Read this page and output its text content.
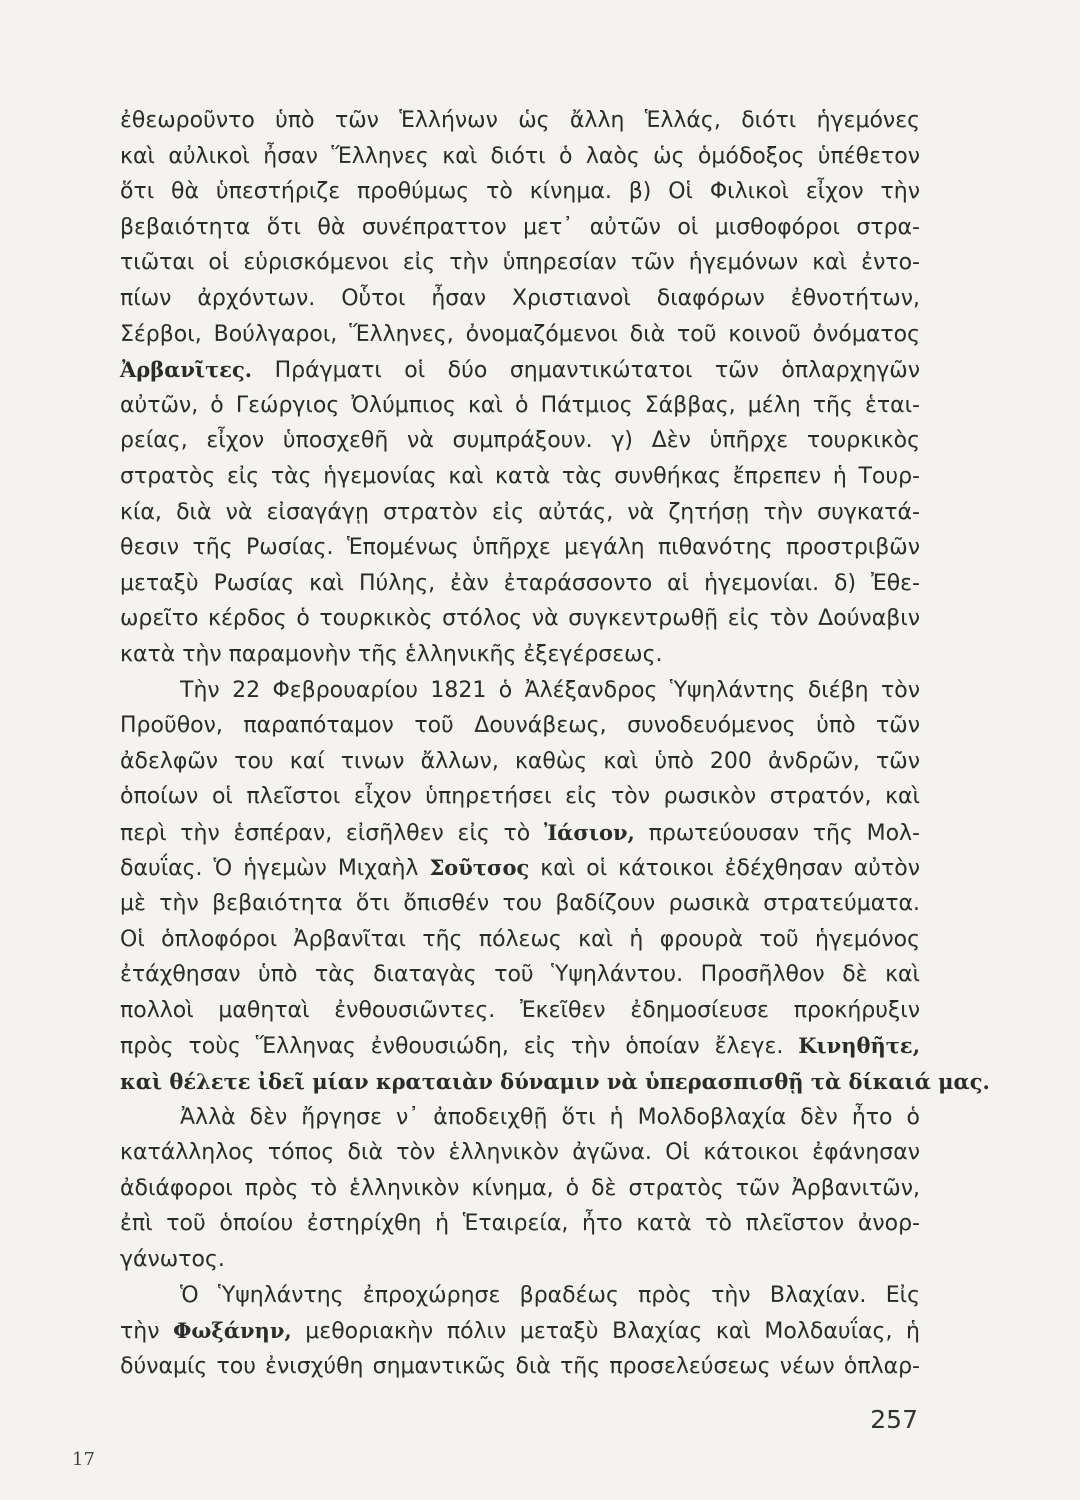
ἐθεωροῦντο ὑπὸ τῶν Ἑλλήνων ὡς ἄλλη Ἑλλάς, διότι ἡγεμόνες
καὶ αὐλικοὶ ἦσαν Ἕλληνες καὶ διότι ὁ λαὸς ὡς ὁμόδοξος ὑπέθετον
ὅτι θὰ ὑπεστήριζε προθύμως τὸ κίνημα. β) Οἱ Φιλικοὶ εἶχον τὴν
βεβαιότητα ὅτι θὰ συνέπραττον μετ᾽ αὐτῶν οἱ μισθοφόροι στρα-
τιῶται οἱ εὑρισκόμενοι εἰς τὴν ὑπηρεσίαν τῶν ἡγεμόνων καὶ ἐντο-
πίων ἀρχόντων. Οὗτοι ἦσαν Χριστιανοὶ διαφόρων ἐθνοτήτων,
Σέρβοι, Βούλγαροι, Ἕλληνες, ὀνομαζόμενοι διὰ τοῦ κοινοῦ ὀνόματος
Ἀρβανῖτες. Πράγματι οἱ δύο σημαντικώτατοι τῶν ὁπλαρχηγῶν
αὐτῶν, ὁ Γεώργιος Ὀλύμπιος καὶ ὁ Πάτμιος Σάββας, μέλη τῆς ἑται-
ρείας, εἶχον ὑποσχεθῆ νὰ συμπράξουν. γ) Δὲν ὑπῆρχε τουρκικὸς
στρατὸς εἰς τὰς ἡγεμονίας καὶ κατὰ τὰς συνθήκας ἔπρεπεν ἡ Τουρ-
κία, διὰ νὰ εἰσαγάγῃ στρατὸν εἰς αὐτάς, νὰ ζητήσῃ τὴν συγκατά-
θεσιν τῆς Ρωσίας. Ἑπομένως ὑπῆρχε μεγάλη πιθανότης προστριβῶν
μεταξὺ Ρωσίας καὶ Πύλης, ἐὰν ἐταράσσοντο αἱ ἡγεμονίαι. δ) Ἐθε-
ωρεῖτο κέρδος ὁ τουρκικὸς στόλος νὰ συγκεντρωθῇ εἰς τὸν Δούναβιν
κατὰ τὴν παραμονὴν τῆς ἑλληνικῆς ἐξεγέρσεως.
Τὴν 22 Φεβρουαρίου 1821 ὁ Ἀλέξανδρος Ὑψηλάντης διέβη τὸν
Προῦθον, παραπόταμον τοῦ Δουνάβεως, συνοδευόμενος ὑπὸ τῶν
ἀδελφῶν του καί τινων ἄλλων, καθὼς καὶ ὑπὸ 200 ἀνδρῶν, τῶν
ὁποίων οἱ πλεῖστοι εἶχον ὑπηρετήσει εἰς τὸν ρωσικὸν στρατόν, καὶ
περὶ τὴν ἑσπέραν, εἰσῆλθεν εἰς τὸ Ἰάσιον, πρωτεύουσαν τῆς Μολ-
δαυΐας. Ὁ ἡγεμὼν Μιχαὴλ Σοῦτσος καὶ οἱ κάτοικοι ἐδέχθησαν αὐτὸν
μὲ τὴν βεβαιότητα ὅτι ὄπισθέν του βαδίζουν ρωσικὰ στρατεύματα.
Οἱ ὁπλοφόροι Ἀρβανῖται τῆς πόλεως καὶ ἡ φρουρὰ τοῦ ἡγεμόνος
ἐτάχθησαν ὑπὸ τὰς διαταγὰς τοῦ Ὑψηλάντου. Προσῆλθον δὲ καὶ
πολλοὶ μαθηταὶ ἐνθουσιῶντες. Ἐκεῖθεν ἐδημοσίευσε προκήρυξιν
πρὸς τοὺς Ἕλληνας ἐνθουσιώδη, εἰς τὴν ὁποίαν ἔλεγε. Κινηθῆτε,
καὶ θέλετε ἰδεῖ μίαν κραταιὰν δύναμιν νὰ ὑπερασπισθῇ τὰ δίκαιά μας.
Ἀλλὰ δὲν ἤργησε ν᾽ ἀποδειχθῇ ὅτι ἡ Μολδοβλαχία δὲν ἦτο ὁ
κατάλληλος τόπος διὰ τὸν ἑλληνικὸν ἀγῶνα. Οἱ κάτοικοι ἐφάνησαν
ἀδιάφοροι πρὸς τὸ ἑλληνικὸν κίνημα, ὁ δὲ στρατὸς τῶν Ἀρβανιτῶν,
ἐπὶ τοῦ ὁποίου ἐστηρίχθη ἡ Ἑταιρεία, ἦτο κατὰ τὸ πλεῖστον ἀνορ-
γάνωτος.
Ὁ Ὑψηλάντης ἐπροχώρησε βραδέως πρὸς τὴν Βλαχίαν. Εἰς
τὴν Φωξάνην, μεθοριακὴν πόλιν μεταξὺ Βλαχίας καὶ Μολδαυΐας, ἡ
δύναμίς του ἐνισχύθη σημαντικῶς διὰ τῆς προσελεύσεως νέων ὁπλαρ-
257
17
